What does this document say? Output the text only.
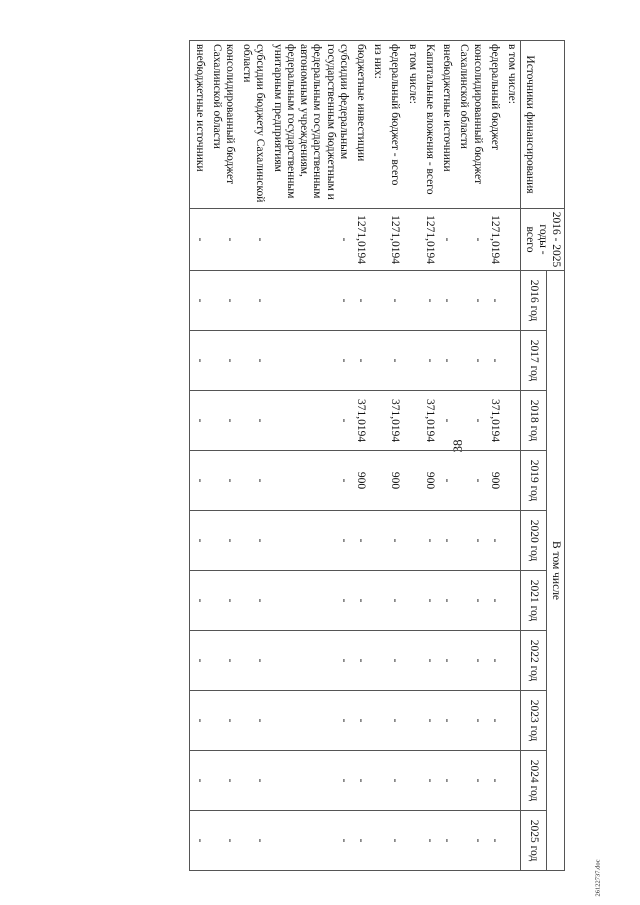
38
26122737.doc
Источники финансирования	2016 - 2025 годы - всего	В том числе									
		2016 год	2017 год	2018 год	2019 год	2020 год	2021 год	2022 год	2023 год	2024 год	2025 год
в том числе:											
федеральный бюджет	1271,0194	-	-	371,0194	900	-	-	-	-	-	-
консолидированный бюджет Сахалинской области	-	-	-	-	-	-	-	-	-	-	-
внебюджетные источники	-	-	-	-	-	-	-	-	-	-	-
Капитальные вложения - всего	1271,0194	-	-	371,0194	900	-	-	-	-	-	-
в том числе:											
федеральный бюджет - всего	1271,0194	-	-	371,0194	900	-	-	-	-	-	-
из них:											
бюджетные инвестиции	1271,0194	-	-	371,0194	900	-	-	-	-	-	-
субсидии федеральным государственным бюджетным и федеральным государственным автономным учреждениям, федеральным государственным унитарным предприятиям	-	-	-	-	-	-	-	-	-	-	-
субсидии бюджету Сахалинской области	-	-	-	-	-	-	-	-	-	-	-
консолидированный бюджет Сахалинской области	-	-	-	-	-	-	-	-	-	-	-
внебюджетные источники	-	-	-	-	-	-	-	-	-	-	-
